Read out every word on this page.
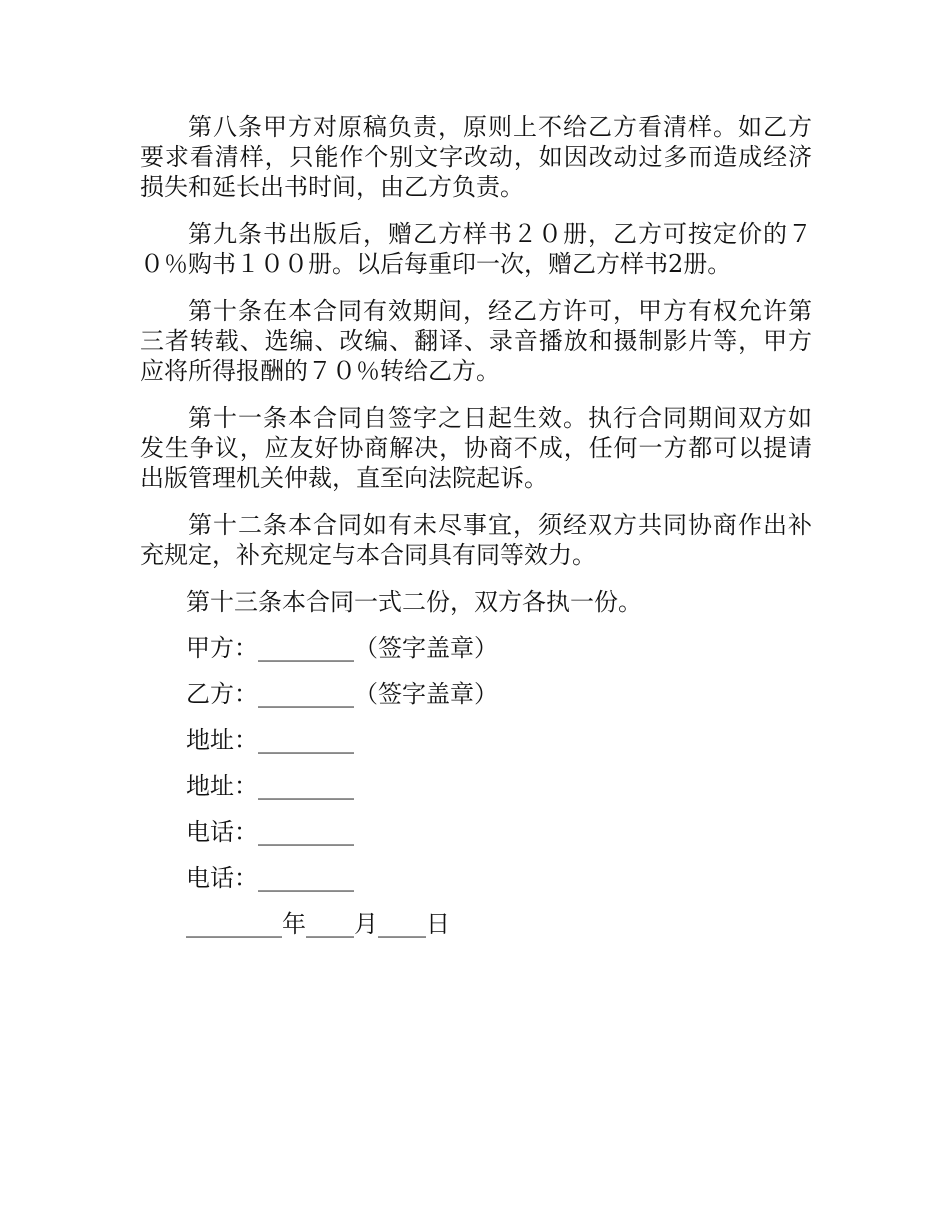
第八条甲方对原稿负责，原则上不给乙方看清样。如乙方
要求看清样，只能作个别文字改动，如因改动过多而造成经济
损失和延长出书时间，由乙方负责。
第九条书出版后，赠乙方样书２０册，乙方可按定价的７
０％购书１００册。以后每重印一次，赠乙方样书2册。
第十条在本合同有效期间，经乙方许可，甲方有权允许第
三者转载、选编、改编、翻译、录音播放和摄制影片等，甲方
应将所得报酬的７０％转给乙方。
第十一条本合同自签字之日起生效。执行合同期间双方如
发生争议，应友好协商解决，协商不成，任何一方都可以提请
出版管理机关仲裁，直至向法院起诉。
第十二条本合同如有未尽事宜，须经双方共同协商作出补
充规定，补充规定与本合同具有同等效力。
第十三条本合同一式二份，双方各执一份。
甲方：________（签字盖章）
乙方：________（签字盖章）
地址：________
地址：________
电话：________
电话：________
________年____月____日
